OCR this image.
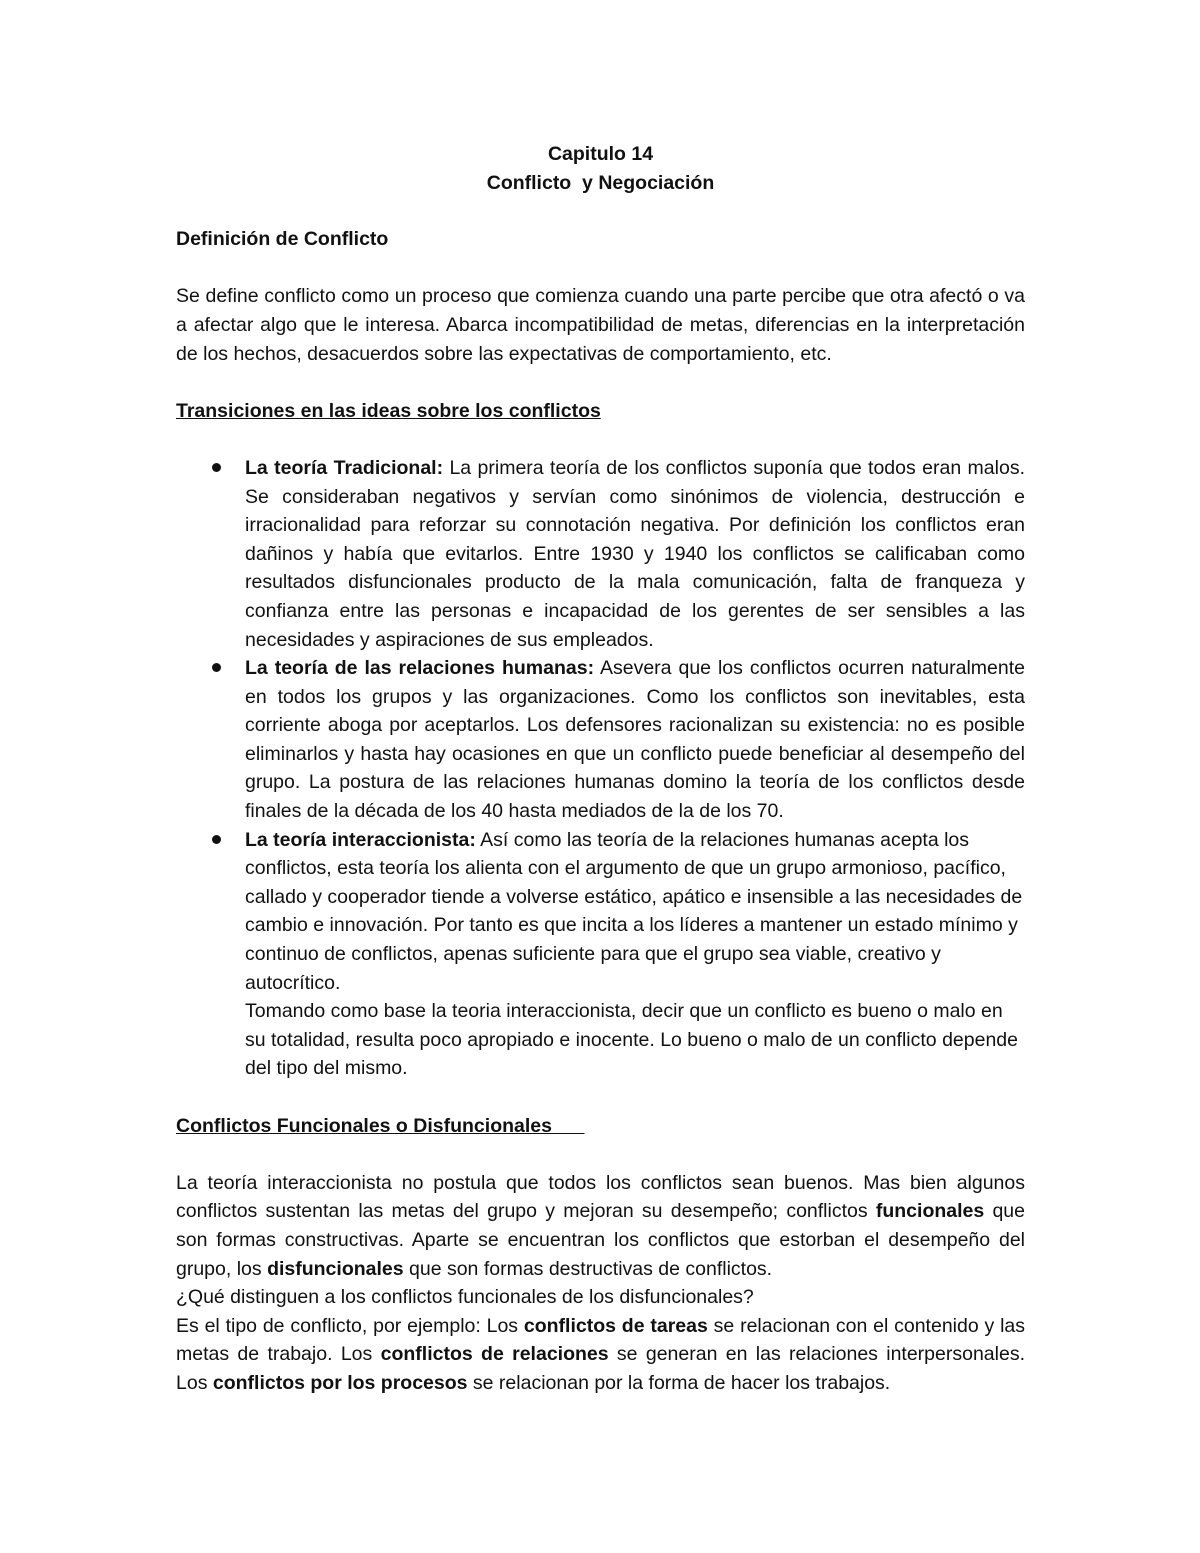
Capitulo 14
Conflicto  y Negociación
Definición de Conflicto

Se define conflicto como un proceso que comienza cuando una parte percibe que otra afectó o va a afectar algo que le interesa. Abarca incompatibilidad de metas, diferencias en la interpretación de los hechos, desacuerdos sobre las expectativas de comportamiento, etc.

Transiciones en las ideas sobre los conflictos
La teoría Tradicional: La primera teoría de los conflictos suponía que todos eran malos. Se consideraban negativos y servían como sinónimos de violencia, destrucción e irracionalidad para reforzar su connotación negativa. Por definición los conflictos eran dañinos y había que evitarlos. Entre 1930 y 1940 los conflictos se calificaban como resultados disfuncionales producto de la mala comunicación, falta de franqueza y confianza entre las personas e incapacidad de los gerentes de ser sensibles a las necesidades y aspiraciones de sus empleados.
La teoría de las relaciones humanas: Asevera que los conflictos ocurren naturalmente en todos los grupos y las organizaciones. Como los conflictos son inevitables, esta corriente aboga por aceptarlos. Los defensores racionalizan su existencia: no es posible eliminarlos y hasta hay ocasiones en que un conflicto puede beneficiar al desempeño del grupo. La postura de las relaciones humanas domino la teoría de los conflictos desde finales de la década de los 40 hasta mediados de la de los 70.
La teoría interaccionista: Así como las teoría de la relaciones humanas acepta los conflictos, esta teoría los alienta con el argumento de que un grupo armonioso, pacífico, callado y cooperador tiende a volverse estático, apático e insensible a las necesidades de cambio e innovación. Por tanto es que incita a los líderes a mantener un estado mínimo y continuo de conflictos, apenas suficiente para que el grupo sea viable, creativo y autocrítico.
Tomando como base la teoria interaccionista, decir que un conflicto es bueno o malo en su totalidad, resulta poco apropiado e inocente. Lo bueno o malo de un conflicto depende del tipo del mismo.
Conflictos Funcionales o Disfuncionales

La teoría interaccionista no postula que todos los conflictos sean buenos. Mas bien algunos conflictos sustentan las metas del grupo y mejoran su desempeño; conflictos funcionales que son formas constructivas. Aparte se encuentran los conflictos que estorban el desempeño del grupo, los disfuncionales que son formas destructivas de conflictos.

¿Qué distinguen a los conflictos funcionales de los disfuncionales?

Es el tipo de conflicto, por ejemplo: Los conflictos de tareas se relacionan con el contenido y las metas de trabajo. Los conflictos de relaciones se generan en las relaciones interpersonales. Los conflictos por los procesos se relacionan por la forma de hacer los trabajos.
